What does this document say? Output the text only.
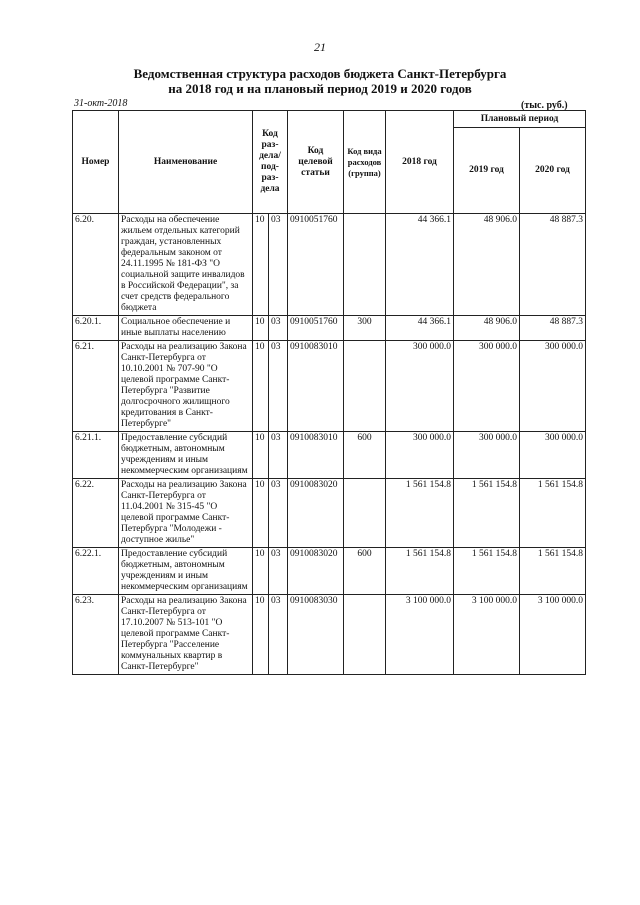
21
Ведомственная структура расходов бюджета Санкт-Петербурга
на 2018 год и на плановый период 2019 и 2020 годов
31-окт-2018	(тыс. руб.)
Номер	Наименование	Код раз-дела/ под-раз-дела		Код целевой статьи	Код вида расходов (группа)	2018 год	Плановый период	
							2019 год	2020 год
6.20.	Расходы на обеспечение жильем отдельных категорий граждан, установленных федеральным законом от 24.11.1995 № 181-ФЗ "О социальной защите инвалидов в Российской Федерации", за счет средств федерального бюджета	10	03	0910051760		44 366.1	48 906.0	48 887.3
6.20.1.	Социальное обеспечение и иные выплаты населению	10	03	0910051760	300	44 366.1	48 906.0	48 887.3
6.21.	Расходы на реализацию Закона Санкт-Петербурга от 10.10.2001 № 707-90 "О целевой программе Санкт-Петербурга "Развитие долгосрочного жилищного кредитования в Санкт-Петербурге"	10	03	0910083010		300 000.0	300 000.0	300 000.0
6.21.1.	Предоставление субсидий бюджетным, автономным учреждениям и иным некоммерческим организациям	10	03	0910083010	600	300 000.0	300 000.0	300 000.0
6.22.	Расходы на реализацию Закона Санкт-Петербурга от 11.04.2001 № 315-45 "О целевой программе Санкт-Петербурга "Молодежи - доступное жилье"	10	03	0910083020		1 561 154.8	1 561 154.8	1 561 154.8
6.22.1.	Предоставление субсидий бюджетным, автономным учреждениям и иным некоммерческим организациям	10	03	0910083020	600	1 561 154.8	1 561 154.8	1 561 154.8
6.23.	Расходы на реализацию Закона Санкт-Петербурга от 17.10.2007 № 513-101 "О целевой программе Санкт-Петербурга "Расселение коммунальных квартир в Санкт-Петербурге"	10	03	0910083030		3 100 000.0	3 100 000.0	3 100 000.0
